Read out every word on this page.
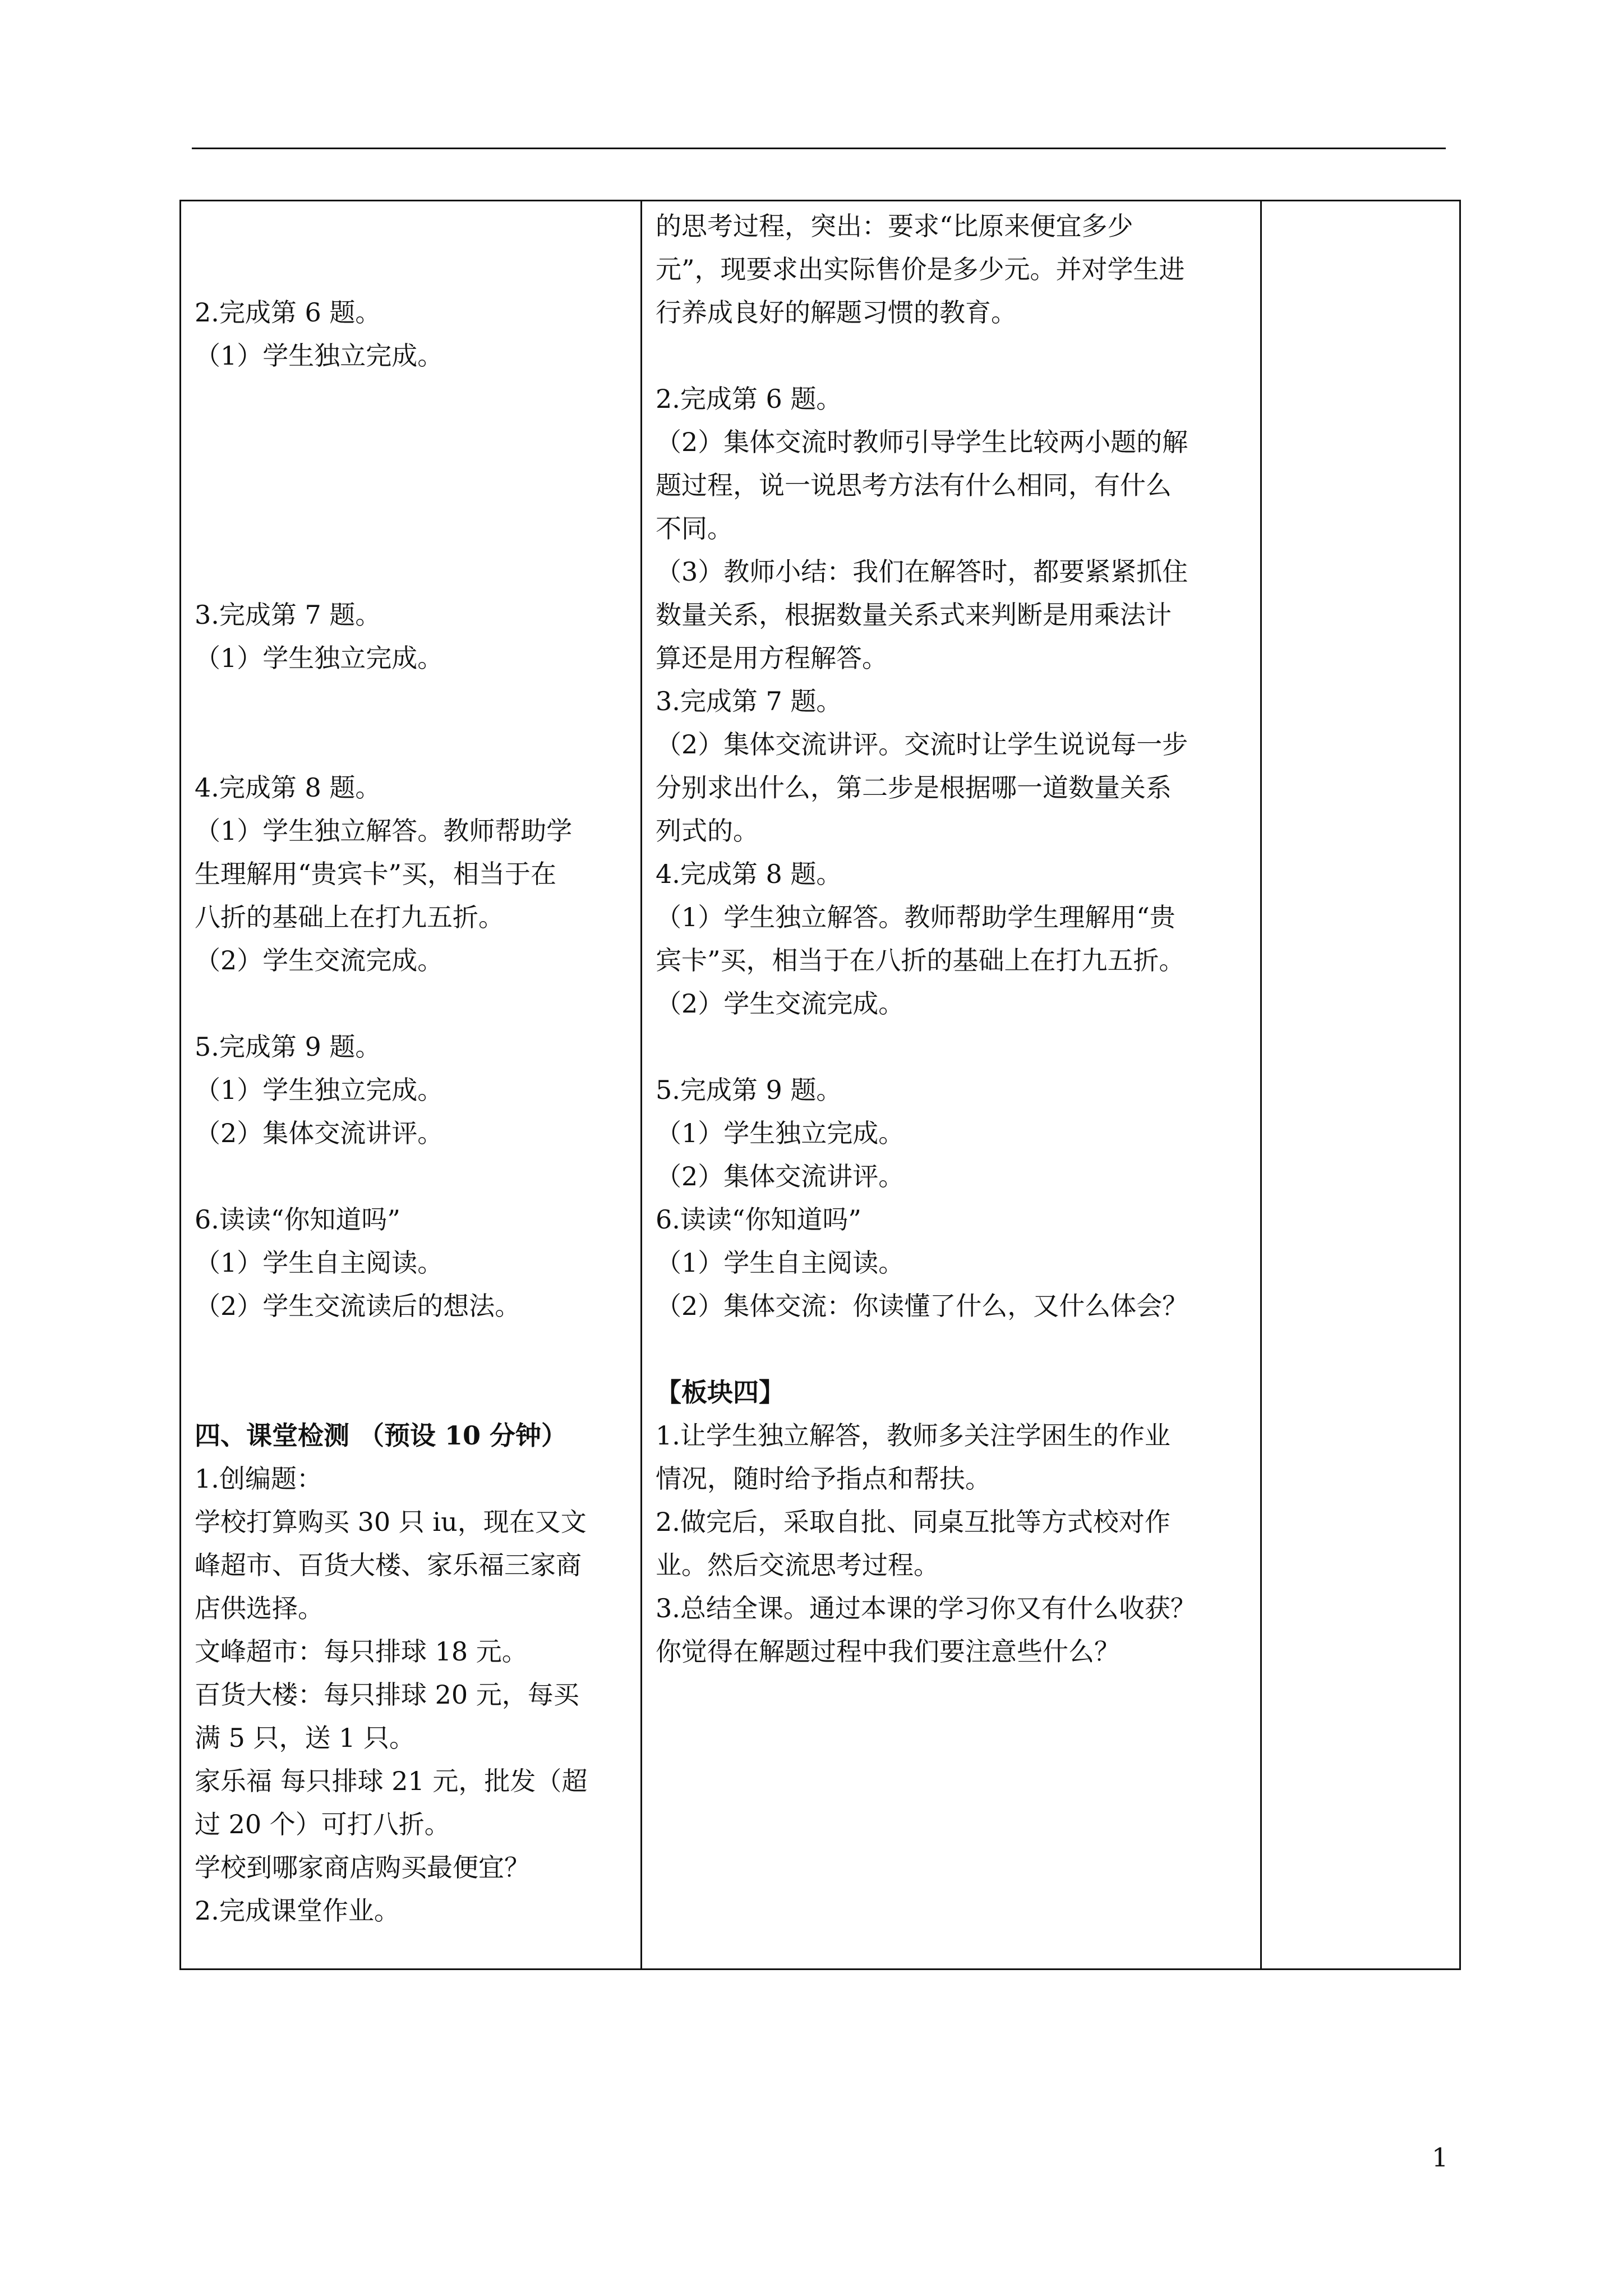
2.完成第 6 题。
（1）学生独立完成。
3.完成第 7 题。
（1）学生独立完成。
4.完成第 8 题。
（1）学生独立解答。教师帮助学
生理解用“贵宾卡”买，相当于在
八折的基础上在打九五折。
（2）学生交流完成。
5.完成第 9 题。
（1）学生独立完成。
（2）集体交流讲评。
6.读读“你知道吗”
（1）学生自主阅读。
（2）学生交流读后的想法。
四、课堂检测 （预设 10 分钟）
1.创编题：
学校打算购买 30 只 iu，现在又文
峰超市、百货大楼、家乐福三家商
店供选择。
文峰超市：每只排球 18 元。
百货大楼：每只排球 20 元，每买
满 5 只，送 1 只。
家乐福 每只排球 21 元，批发（超
过 20 个）可打八折。
学校到哪家商店购买最便宜？
2.完成课堂作业。

的思考过程，突出：要求“比原来便宜多少
元”，现要求出实际售价是多少元。并对学生进
行养成良好的解题习惯的教育。
2.完成第 6 题。
（2）集体交流时教师引导学生比较两小题的解
题过程，说一说思考方法有什么相同，有什么
不同。
（3）教师小结：我们在解答时，都要紧紧抓住
数量关系，根据数量关系式来判断是用乘法计
算还是用方程解答。
3.完成第 7 题。
（2）集体交流讲评。交流时让学生说说每一步
分别求出什么，第二步是根据哪一道数量关系
列式的。
4.完成第 8 题。
（1）学生独立解答。教师帮助学生理解用“贵
宾卡”买，相当于在八折的基础上在打九五折。
（2）学生交流完成。
5.完成第 9 题。
（1）学生独立完成。
（2）集体交流讲评。
6.读读“你知道吗”
（1）学生自主阅读。
（2）集体交流：你读懂了什么，又什么体会？
【板块四】
1.让学生独立解答，教师多关注学困生的作业
情况，随时给予指点和帮扶。
2.做完后，采取自批、同桌互批等方式校对作
业。然后交流思考过程。
3.总结全课。通过本课的学习你又有什么收获？
你觉得在解题过程中我们要注意些什么？

1
